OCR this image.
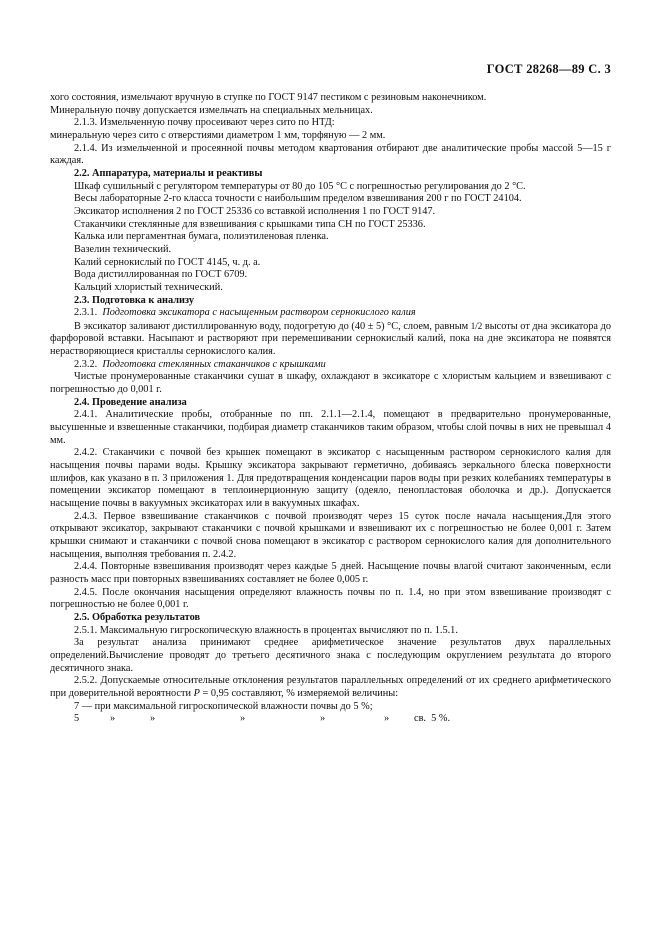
ГОСТ 28268—89 С. 3

хого состояния, измельчают вручную в ступке по ГОСТ 9147 пестиком с резиновым наконечником.

Минеральную почву допускается измельчать на специальных мельницах.

2.1.3. Измельченную почву просеивают через сито по НТД:

минеральную через сито с отверстиями диаметром 1 мм, торфяную — 2 мм.

2.1.4. Из измельченной и просеянной почвы методом квартования отбирают две аналитические пробы массой 5—15 г каждая.

2.2. Аппаратура, материалы и реактивы

Шкаф сушильный с регулятором температуры от 80 до 105 °С с погрешностью регулирования до 2 °С.

Весы лабораторные 2-го класса точности с наибольшим пределом взвешивания 200 г по ГОСТ 24104.

Эксикатор исполнения 2 по ГОСТ 25336 со вставкой исполнения 1 по ГОСТ 9147.

Стаканчики стеклянные для взвешивания с крышками типа СН по ГОСТ 25336.

Калька или пергаментная бумага, полиэтиленовая пленка.

Вазелин технический.

Калий сернокислый по ГОСТ 4145, ч. д. а.

Вода дистиллированная по ГОСТ 6709.

Кальций хлористый технический.

2.3. Подготовка к анализу

2.3.1. Подготовка эксикатора с насыщенным раствором сернокислого калия

В эксикатор заливают дистиллированную воду, подогретую до (40 ± 5) °С, слоем, равным 1/2 высоты от дна эксикатора до фарфоровой вставки. Насыпают и растворяют при перемешивании сернокислый калий, пока на дне эксикатора не появятся нерастворяющиеся кристаллы сернокислого калия.

2.3.2. Подготовка стеклянных стаканчиков с крышками

Чистые пронумерованные стаканчики сушат в шкафу, охлаждают в эксикаторе с хлористым кальцием и взвешивают с погрешностью до 0,001 г.

2.4. Проведение анализа

2.4.1. Аналитические пробы, отобранные по пп. 2.1.1—2.1.4, помещают в предварительно пронумерованные, высушенные и взвешенные стаканчики, подбирая диаметр стаканчиков таким образом, чтобы слой почвы в них не превышал 4 мм.

2.4.2. Стаканчики с почвой без крышек помещают в эксикатор с насыщенным раствором сернокислого калия для насыщения почвы парами воды. Крышку эксикатора закрывают герметично, добиваясь зеркального блеска поверхности шлифов, как указано в п. 3 приложения 1. Для предотвращения конденсации паров воды при резких колебаниях температуры в помещении эксикатор помещают в теплоинерционную защиту (одеяло, пенопластовая оболочка и др.). Допускается насыщение почвы в вакуумных эксикаторах или в вакуумных шкафах.

2.4.3. Первое взвешивание стаканчиков с почвой производят через 15 суток после начала насыщения.Для этого открывают эксикатор, закрывают стаканчики с почвой крышками и взвешивают их с погрешностью не более 0,001 г. Затем крышки снимают и стаканчики с почвой снова помещают в эксикатор с раствором сернокислого калия для дополнительного насыщения, выполняя требования п. 2.4.2.

2.4.4. Повторные взвешивания производят через каждые 5 дней. Насыщение почвы влагой считают законченным, если разность масс при повторных взвешиваниях составляет не более 0,005 г.

2.4.5. После окончания насыщения определяют влажность почвы по п. 1.4, но при этом взвешивание производят с погрешностью не более 0,001 г.

2.5. Обработка результатов

2.5.1. Максимальную гигроскопическую влажность в процентах вычисляют по п. 1.5.1.

За результат анализа принимают среднее арифметическое значение результатов двух параллельных определений.Вычисление проводят до третьего десятичного знака с последующим округлением результата до второго десятичного знака.

2.5.2. Допускаемые относительные отклонения результатов параллельных определений от их среднего арифметического при доверительной вероятности P = 0,95 составляют, % измеряемой величины:

7 — при максимальной гигроскопической влажности почвы до 5 %;

5	»	»	»	»	»	св.  5 %.
